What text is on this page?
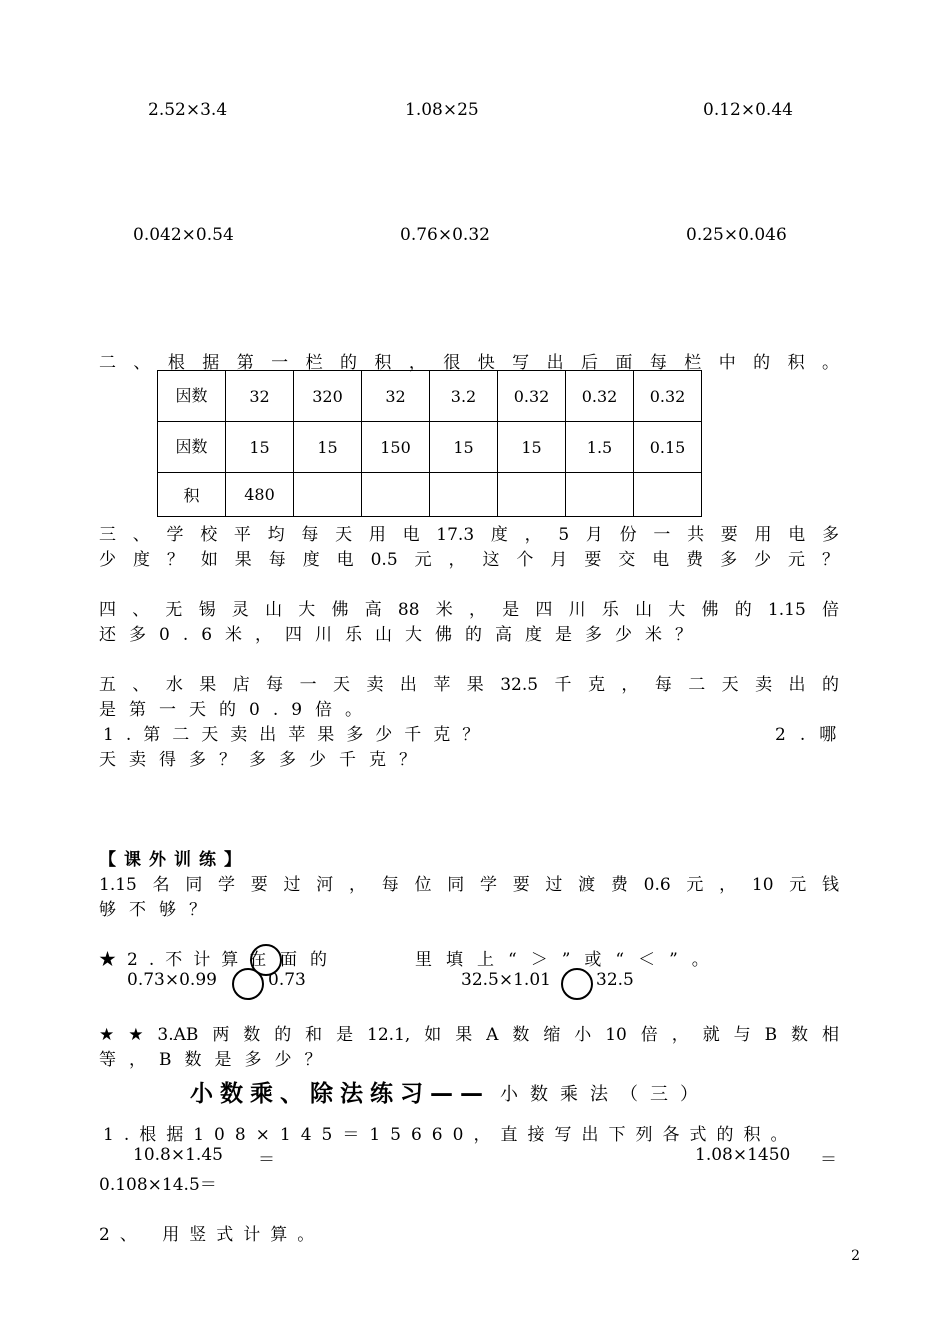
2.52×3.4	1.08×25	0.12×0.44
0.042×0.54	0.76×0.32	0.25×0.046
二、根据第一栏的积，很快写出后面每栏中的积。
因数	32	320	32	3.2	0.32	0.32	0.32
因数	15	15	150	15	15	1.5	0.15
积	480						
三、学校平均每天用电17.3度，5月份一共要用电多
少度？如果每度电0.5元，这个月要交电费多少元？
四、无锡灵山大佛高88米，是四川乐山大佛的1.15倍
还多0.6米，四川乐山大佛的高度是多少米？
五、水果店每一天卖出苹果32.5千克，每二天卖出的
是第一天的0.9倍。
1.第二天卖出苹果多少千克？	2.哪
天卖得多？多多少千克？
【课外训练】
1.15名同学要过河，每位同学要过渡费0.6元，10元钱
够不够？
★2.不计算在 面的	里填上“＞”或“＜”。
0.73×0.99	0.73	32.5×1.01	32.5
★★3.AB两数的和是12.1,如果A数缩小10倍，就与B数相
等，B数是多少？
小数乘、除法练习—— 小数乘法（三）
1.根据108×145＝15660，直接写出下列各式的积。
10.8×1.45 ＝	1.08×1450 ＝
0.108×14.5＝
2、 用竖式计算。
2
